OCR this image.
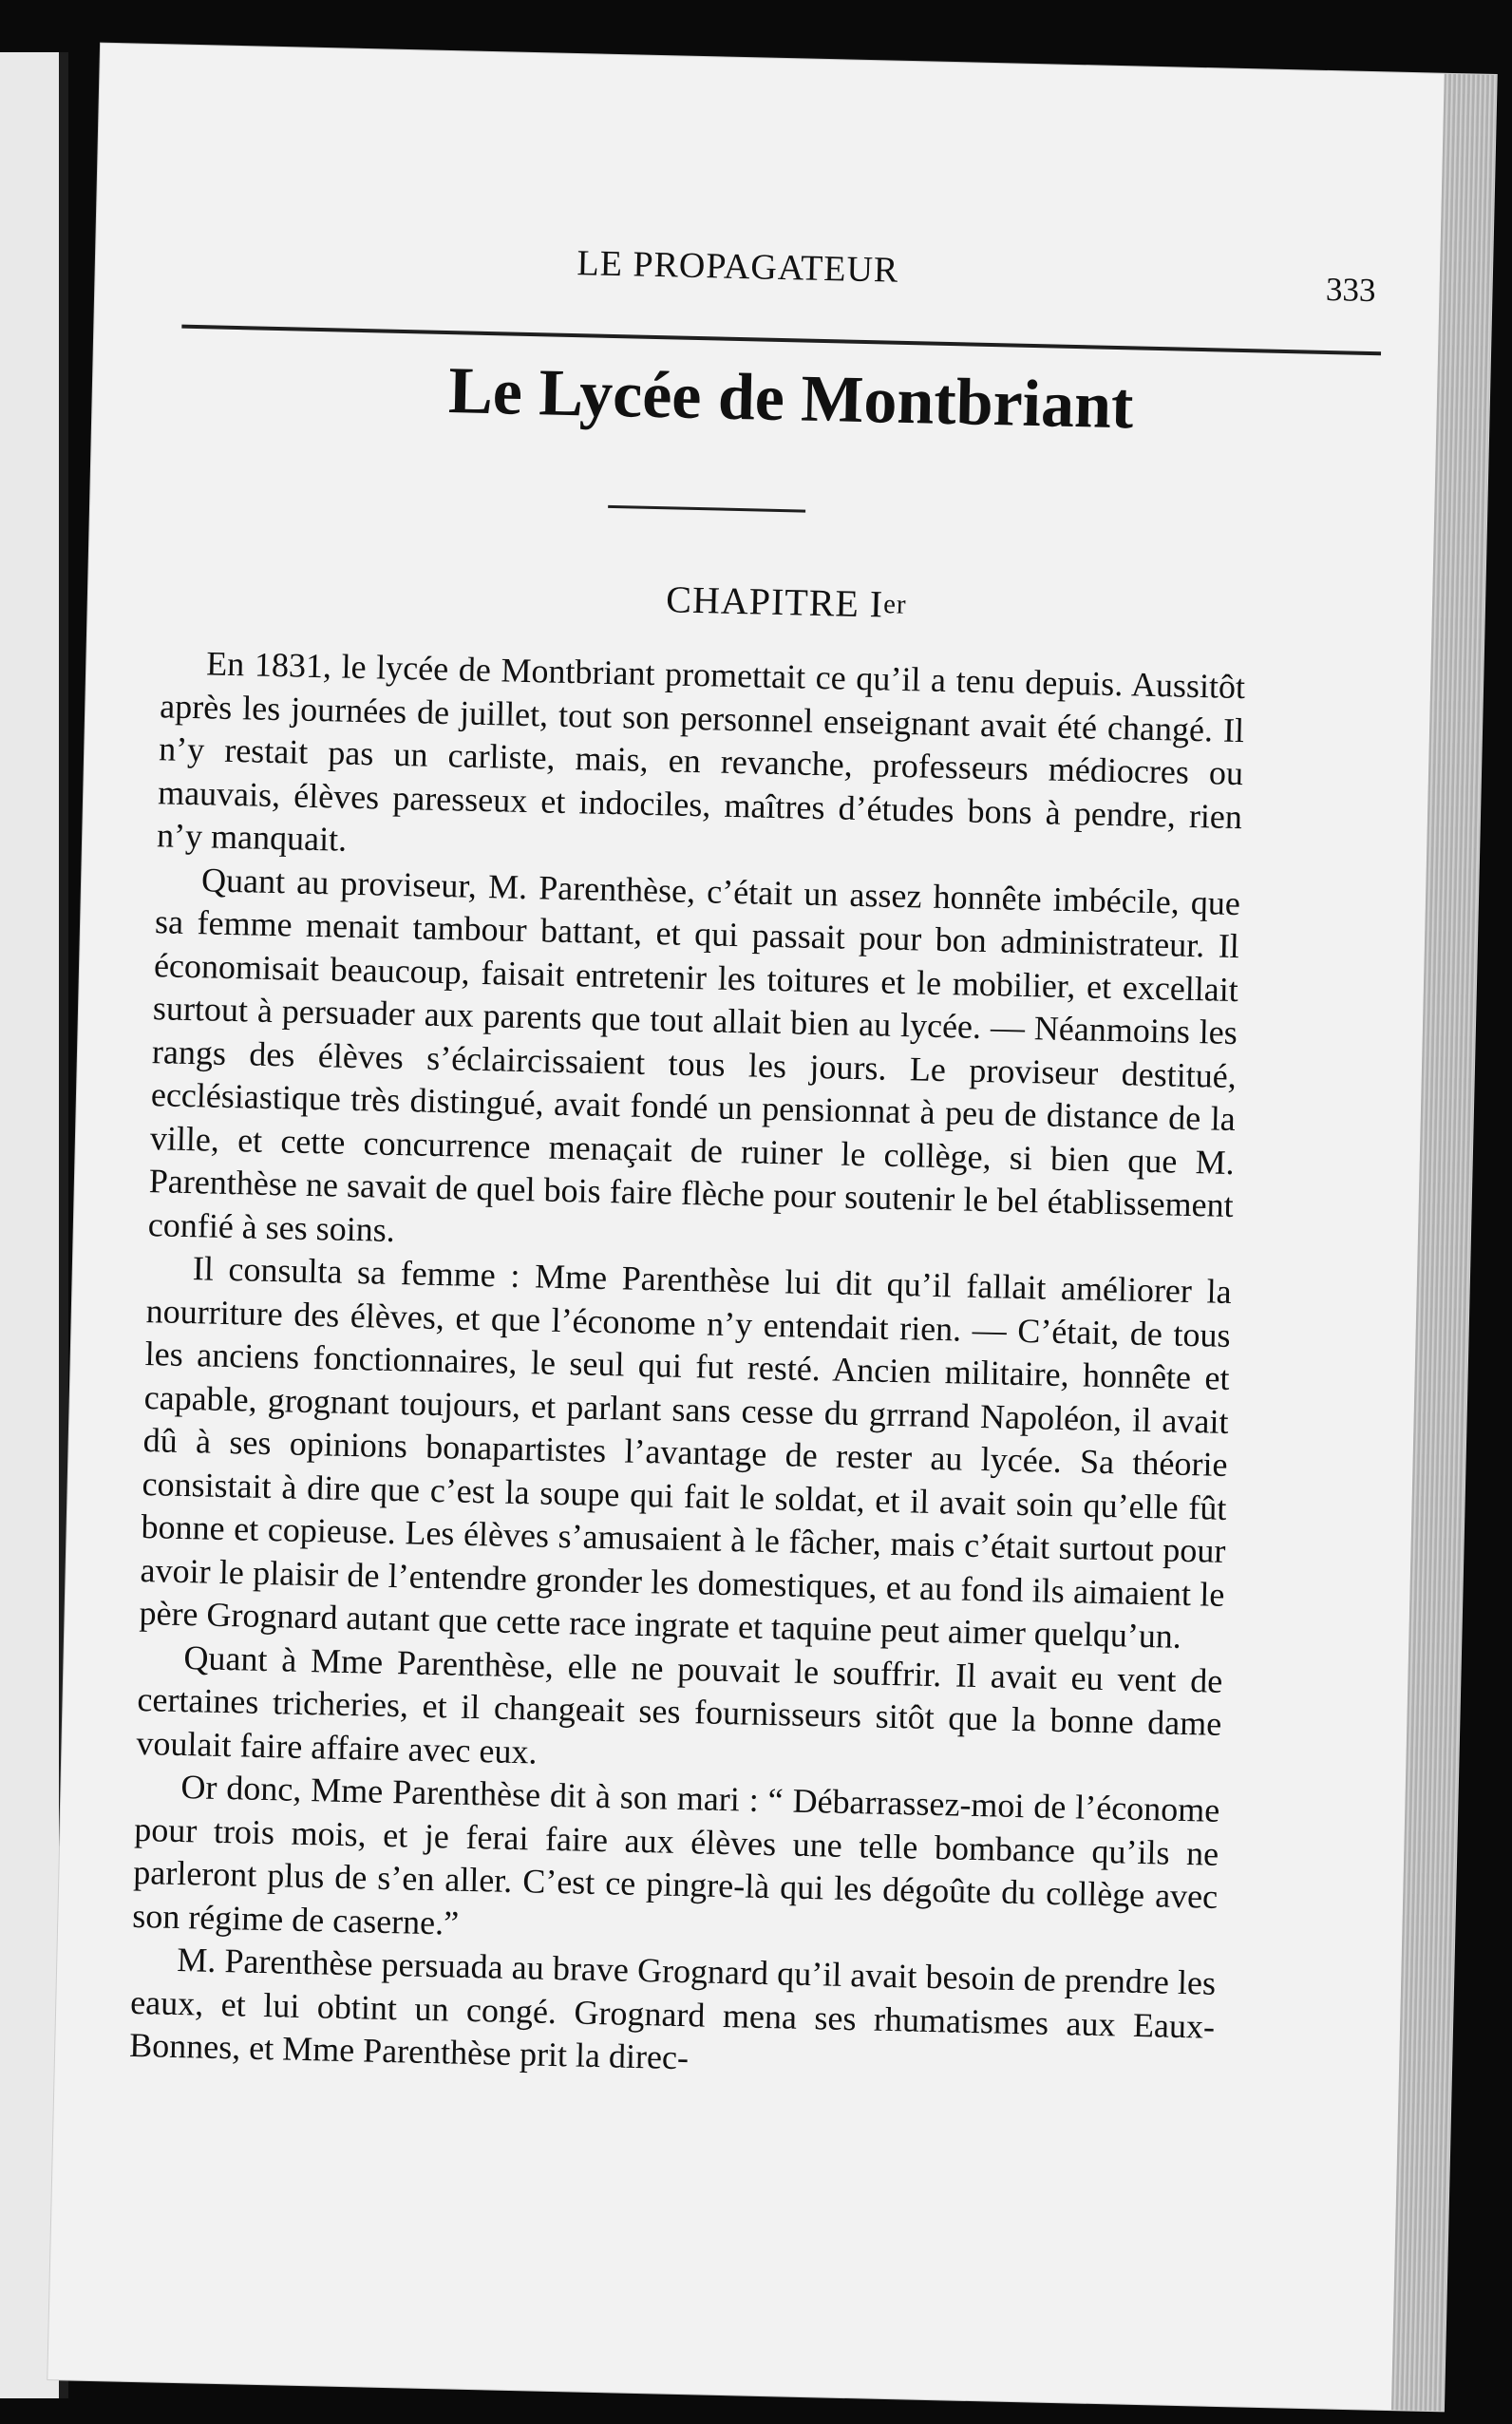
LE PROPAGATEUR	333
Le Lycée de Montbriant
CHAPITRE Ier

En 1831, le lycée de Montbriant promettait ce qu’il a tenu depuis. Aussitôt après les journées de juillet, tout son personnel enseignant avait été changé. Il n’y restait pas un carliste, mais, en revanche, professeurs médiocres ou mauvais, élèves paresseux et indociles, maîtres d’études bons à pendre, rien n’y manquait.

Quant au proviseur, M. Parenthèse, c’était un assez honnête imbécile, que sa femme menait tambour battant, et qui passait pour bon administrateur. Il économisait beaucoup, faisait entretenir les toitures et le mobilier, et excellait surtout à persuader aux parents que tout allait bien au lycée. — Néanmoins les rangs des élèves s’éclaircissaient tous les jours. Le proviseur destitué, ecclésiastique très distingué, avait fondé un pensionnat à peu de distance de la ville, et cette concurrence menaçait de ruiner le collège, si bien que M. Parenthèse ne savait de quel bois faire flèche pour soutenir le bel établissement confié à ses soins.

Il consulta sa femme : Mme Parenthèse lui dit qu’il fallait améliorer la nourriture des élèves, et que l’économe n’y entendait rien. — C’était, de tous les anciens fonctionnaires, le seul qui fut resté. Ancien militaire, honnête et capable, grognant toujours, et parlant sans cesse du grrrand Napoléon, il avait dû à ses opinions bonapartistes l’avantage de rester au lycée. Sa théorie consistait à dire que c’est la soupe qui fait le soldat, et il avait soin qu’elle fût bonne et copieuse. Les élèves s’amusaient à le fâcher, mais c’était surtout pour avoir le plaisir de l’entendre gronder les domestiques, et au fond ils aimaient le père Grognard autant que cette race ingrate et taquine peut aimer quelqu’un.

Quant à Mme Parenthèse, elle ne pouvait le souffrir. Il avait eu vent de certaines tricheries, et il changeait ses fournisseurs sitôt que la bonne dame voulait faire affaire avec eux.

Or donc, Mme Parenthèse dit à son mari : “ Débarrassez-moi de l’économe pour trois mois, et je ferai faire aux élèves une telle bombance qu’ils ne parleront plus de s’en aller. C’est ce pingre-là qui les dégoûte du collège avec son régime de caserne.”

M. Parenthèse persuada au brave Grognard qu’il avait besoin de prendre les eaux, et lui obtint un congé. Grognard mena ses rhumatismes aux Eaux-Bonnes, et Mme Parenthèse prit la direc-
